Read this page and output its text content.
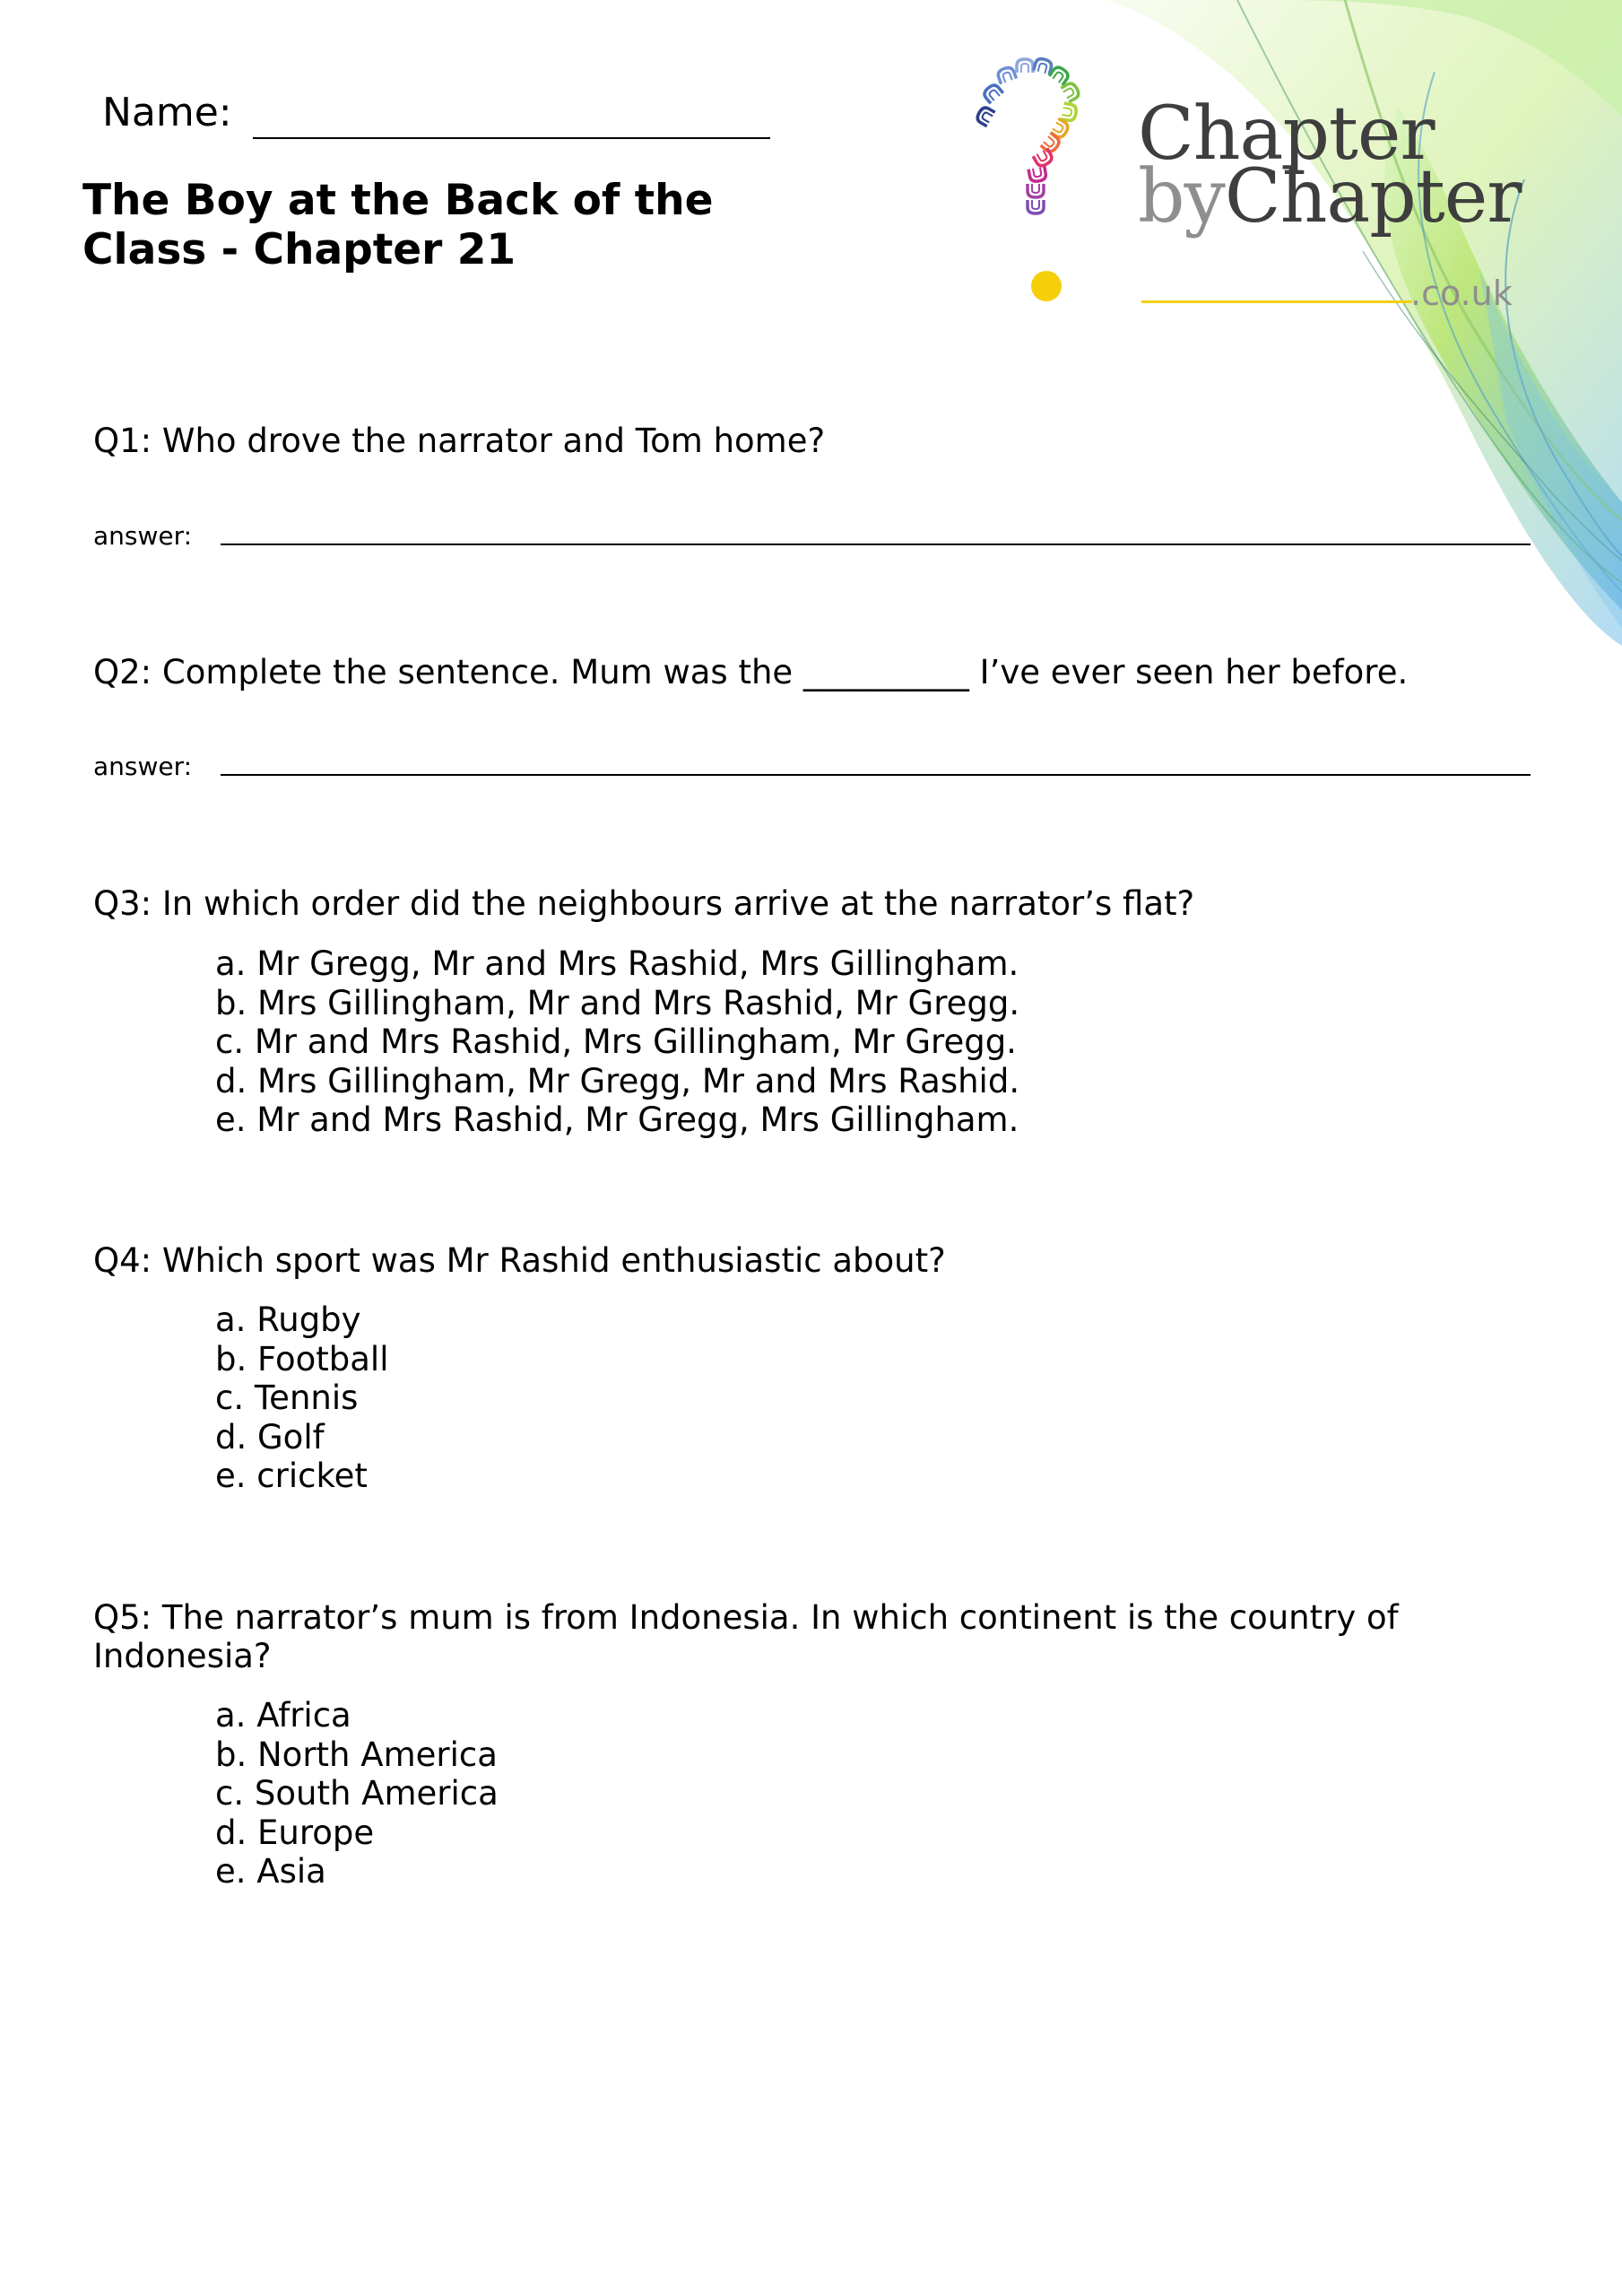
Name:
The Boy at the Back of the Class - Chapter 21
Chapter
byChapter
.co.uk
Q1: Who drove the narrator and Tom home?
answer:
Q2: Complete the sentence. Mum was the __________ I’ve ever seen her before.
answer:
Q3: In which order did the neighbours arrive at the narrator’s flat?
a. Mr Gregg, Mr and Mrs Rashid, Mrs Gillingham.
b. Mrs Gillingham, Mr and Mrs Rashid, Mr Gregg.
c. Mr and Mrs Rashid, Mrs Gillingham, Mr Gregg.
d. Mrs Gillingham, Mr Gregg, Mr and Mrs Rashid.
e. Mr and Mrs Rashid, Mr Gregg, Mrs Gillingham.
Q4: Which sport was Mr Rashid enthusiastic about?
a. Rugby
b. Football
c. Tennis
d. Golf
e. cricket
Q5: The narrator’s mum is from Indonesia. In which continent is the country of Indonesia?
a. Africa
b. North America
c. South America
d. Europe
e. Asia
